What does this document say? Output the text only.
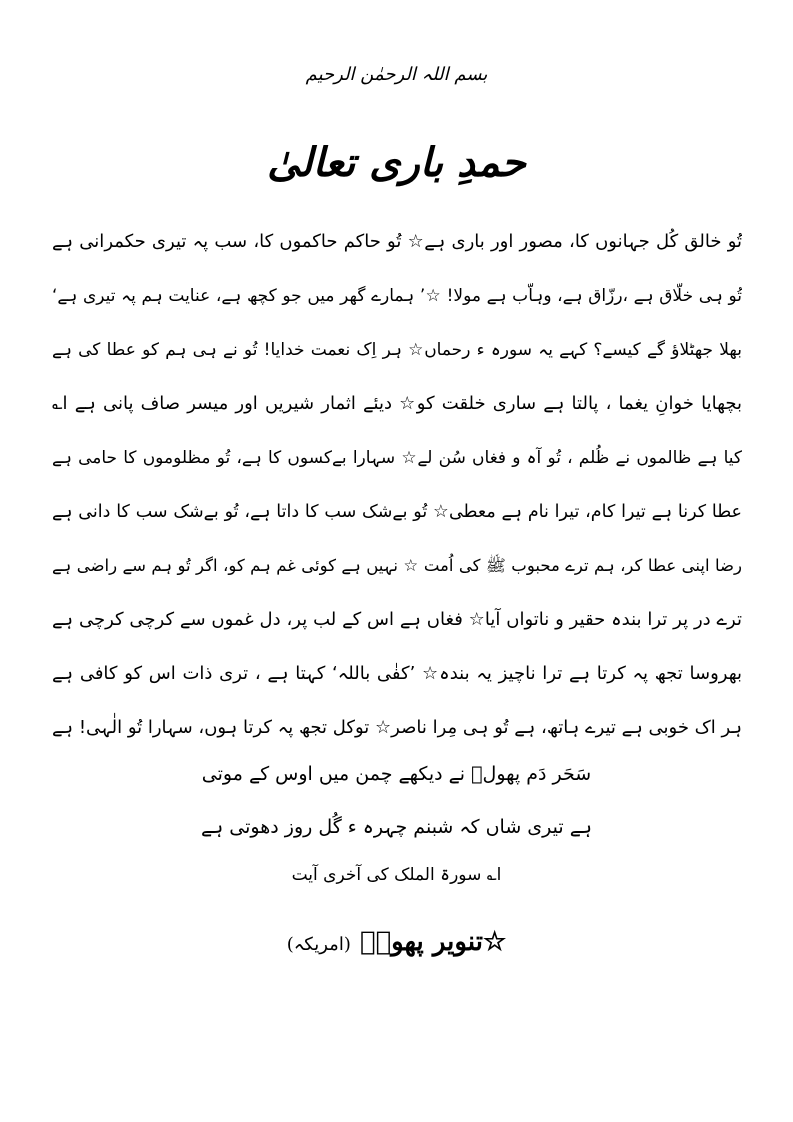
بسم اللہ الرحمٰن الرحیم
حمدِ باری تعالیٰ
تُو خالق کُل جہانوں کا، مصور اور باری ہے☆ تُو حاکم حاکموں کا، سب پہ تیری حکمرانی ہے
تُو ہی خلّاق ہے ،رزّاق ہے، وہاّب ہے مولا! ☆’ ہمارے گھر میں جو کچھ ہے، عنایت ہم پہ تیری ہے‘
بھلا جھٹلاؤ گے کیسے؟ کہے یہ سورہ ء رحماں☆ ہر اِک نعمت خدایا! تُو نے ہی ہم کو عطا کی ہے
بچھایا خوانِ یغما ، پالتا ہے ساری خلقت کو☆ دیئے اثمار شیریں اور میسر صاف پانی ہے ا؎
کیا ہے ظالموں نے ظُلم ، تُو آہ و فغاں سُن لے☆ سہارا بےکسوں کا ہے، تُو مظلوموں کا حامی ہے
عطا کرنا ہے تیرا کام، تیرا نام ہے معطی☆ تُو بےشک سب کا داتا ہے، تُو بےشک سب کا دانی ہے
رضا اپنی عطا کر، ہم ترے محبوب ﷺ کی اُمت ☆ نہیں ہے کوئی غم ہم کو، اگر تُو ہم سے راضی ہے
ترے در پر ترا بندہ حقیر و ناتواں آیا☆ فغاں ہے اس کے لب پر، دل غموں سے کرچی کرچی ہے
بھروسا تجھ پہ کرتا ہے ترا ناچیز یہ بندہ☆ ’کفٰی باللہ‘ کہتا ہے ، تری ذات اس کو کافی ہے
ہر اک خوبی ہے تیرے ہاتھ، ہے تُو ہی مِرا ناصر☆ توکل تجھ پہ کرتا ہوں، سہارا تُو الٰہی! ہے
سَحَر دَم پھولؔ نے دیکھے چمن میں اوس کے موتی
ہے تیری شاں کہ شبنم چہرہ ء گُل روز دھوتی ہے
ا؎ سورۃ الملک کی آخری آیت
☆تنویر پھولؔ (امریکہ)
